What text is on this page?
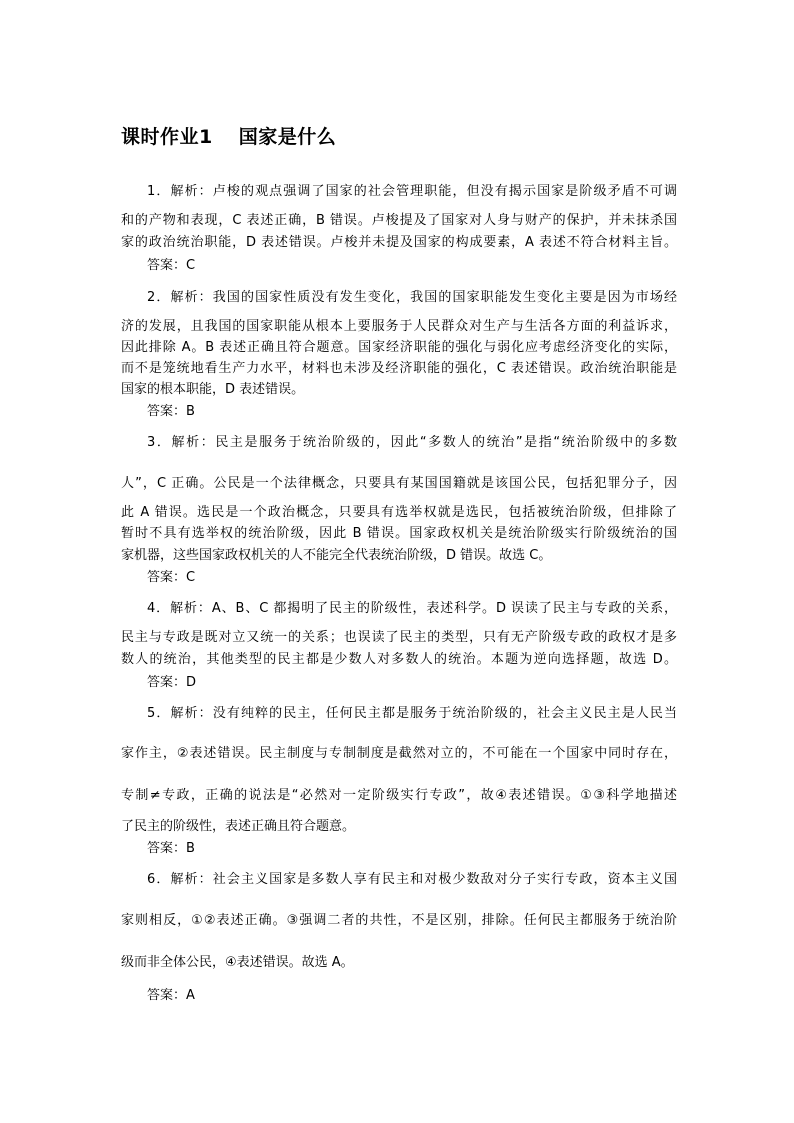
课时作业1 国家是什么
1．解析：卢梭的观点强调了国家的社会管理职能，但没有揭示国家是阶级矛盾不可调
和的产物和表现，C 表述正确，B 错误。卢梭提及了国家对人身与财产的保护，并未抹杀国
家的政治统治职能，D 表述错误。卢梭并未提及国家的构成要素，A 表述不符合材料主旨。
答案：C
2．解析：我国的国家性质没有发生变化，我国的国家职能发生变化主要是因为市场经
济的发展，且我国的国家职能从根本上要服务于人民群众对生产与生活各方面的利益诉求，
因此排除 A。B 表述正确且符合题意。国家经济职能的强化与弱化应考虑经济变化的实际，
而不是笼统地看生产力水平，材料也未涉及经济职能的强化，C 表述错误。政治统治职能是
国家的根本职能，D 表述错误。
答案：B
3．解析：民主是服务于统治阶级的，因此“多数人的统治”是指“统治阶级中的多数
人”，C 正确。公民是一个法律概念，只要具有某国国籍就是该国公民，包括犯罪分子，因
此 A 错误。选民是一个政治概念，只要具有选举权就是选民，包括被统治阶级，但排除了
暂时不具有选举权的统治阶级，因此 B 错误。国家政权机关是统治阶级实行阶级统治的国
家机器，这些国家政权机关的人不能完全代表统治阶级，D 错误。故选 C。
答案：C
4．解析：A、B、C 都揭明了民主的阶级性，表述科学。D 误读了民主与专政的关系，
民主与专政是既对立又统一的关系；也误读了民主的类型，只有无产阶级专政的政权才是多
数人的统治，其他类型的民主都是少数人对多数人的统治。本题为逆向选择题，故选 D。
答案：D
5．解析：没有纯粹的民主，任何民主都是服务于统治阶级的，社会主义民主是人民当
家作主，②表述错误。民主制度与专制制度是截然对立的，不可能在一个国家中同时存在，
专制≠专政，正确的说法是“必然对一定阶级实行专政”，故④表述错误。①③科学地描述
了民主的阶级性，表述正确且符合题意。
答案：B
6．解析：社会主义国家是多数人享有民主和对极少数敌对分子实行专政，资本主义国
家则相反，①②表述正确。③强调二者的共性，不是区别，排除。任何民主都服务于统治阶
级而非全体公民，④表述错误。故选 A。
答案：A
